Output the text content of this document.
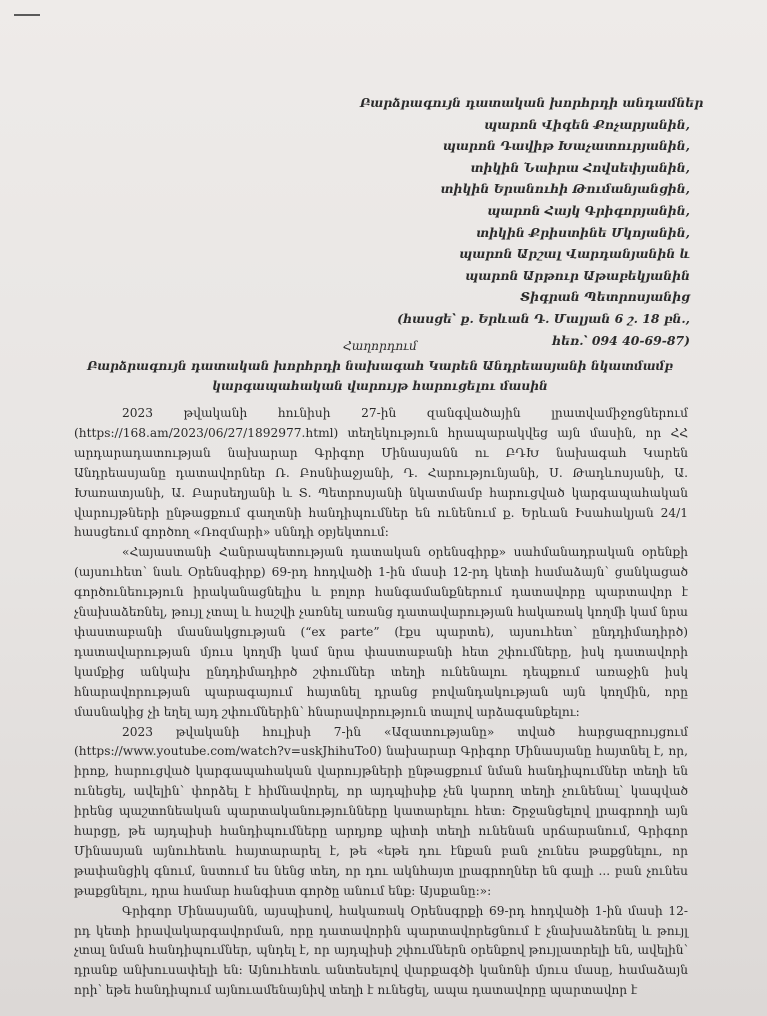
Բարձրագույն դատական խորհրդի անդամներ
պարոն Վիգեն Քոչարյանին,
պարոն Դավիթ Խաչատուրյանին,
տիկին Նաիրա Հովսեփյանին,
տիկին Երանուհի Թումանյանցին,
պարոն Հայկ Գրիգորյանին,
տիկին Քրիստինե Մկոյանին,
պարոն Արշալ Վարդանյանին և
պարոն Արթուր Աթաբեկյանին
Տիգրան Պետրոսյանից
(հասցե՝ ք. Երևան Դ. Մալյան 6 շ. 18 բն.,
հեռ.՝ 094 40-69-87)
Հաղորդում
Բարձրագույն դատական խորհրդի նախագահ Կարեն Անդրեասյանի նկատմամբ
կարգապահական վարույթ հարուցելու մասին

2023 թվականի հունիսի 27-ին զանգվածային լրատվամիջոցներում (https://168.am/2023/06/27/1892977.html) տեղեկություն հրապարակվեց այն մասին, որ ՀՀ արդարադատության նախարար Գրիգոր Մինասյանն ու ԲԴԽ նախագահ Կարեն Անդրեասյանը դատավորներ Ռ. Բոսնիաջյանի, Դ. Հարությունյանի, Ս. Թադևոսյանի, Ա. Խառատյանի, Ա. Բարսեղյանի և Տ. Պետրոսյանի նկատմամբ հարուցված կարգապահական վարույթների ընթացքում գաղտնի հանդիպումներ են ունենում ք. Երևան Իսահակյան 24/1 հասցեում գործող «Ռոզմարի» սննդի օբյեկտում:

«Հայաստանի Հանրապետության դատական օրենսգիրք» սահմանադրական օրենքի (այսուհետ՝ նաև Օրենսգիրք) 69-րդ հոդվածի 1-ին մասի 12-րդ կետի համաձայն՝ ցանկացած գործունեություն իրականացնելիս և բոլոր հանգամանքներում դատավորը պարտավոր է չնախաձեռնել, թույլ չտալ և հաշվի չառնել առանց դատավարության հակառակ կողմի կամ նրա փաստաբանի մասնակցության (“ex parte” (էքս պարտե), այսուհետ՝ ընդդիմադիրծ) դատավարության մյուս կողմի կամ նրա փաստաբանի հետ շփումները, իսկ դատավորի կամքից անկախ ընդդիմադիրծ շփումներ տեղի ունենալու դեպքում առաջին իսկ հնարավորության պարագայում հայտնել դրանց բովանդակության այն կողմին, որը մասնակից չի եղել այդ շփումներին՝ հնարավորություն տալով արձագանքելու:

2023 թվականի հուլիսի 7-ին «Ազատությանը» տված հարցազրույցում (https://www.youtube.com/watch?v=uskJhihuTo0) նախարար Գրիգոր Մինասյանը հայտնել է, որ, իրոք, հարուցված կարգապահական վարույթների ընթացքում նման հանդիպումներ տեղի են ունեցել, ավելին՝ փորձել է հիմնավորել, որ այդպիսիք չեն կարող տեղի չունենալ՝ կապված իրենց պաշտոնեական պարտականությունները կատարելու հետ: Շրջանցելով լրագրողի այն հարցը, թե այդպիսի հանդիպումները արդյոք պիտի տեղի ունենան սրճարանում, Գրիգոր Մինասյան այնուհետև հայտարարել է, թե «եթե դու էնքան բան չունես թաքցնելու, որ թափանցիկ գնում, նստում ես նենց տեղ, որ դու ակնհայտ լրագրողներ են գալի ... բան չունես թաքցնելու, դրա համար հանգիստ գործը անում ենք: Այսքանը:»:

Գրիգոր Մինասյանն, այսպիսով, հակառակ Օրենսգրքի 69-րդ հոդվածի 1-ին մասի 12-րդ կետի իրավակարգավորման, որը դատավորին պարտավորեցնում է չնախաձեռնել և թույլ չտալ նման հանդիպումներ, պնդել է, որ այդպիսի շփումներն օրենքով թույլատրելի են, ավելին՝ դրանք անխուսափելի են: Այնուհետև անտեսելով վարքագծի կանոնի մյուս մասը, համաձայն որի՝ եթե հանդիպում այնուամենայնիվ տեղի է ունեցել, ապա դատավորը պարտավոր է
